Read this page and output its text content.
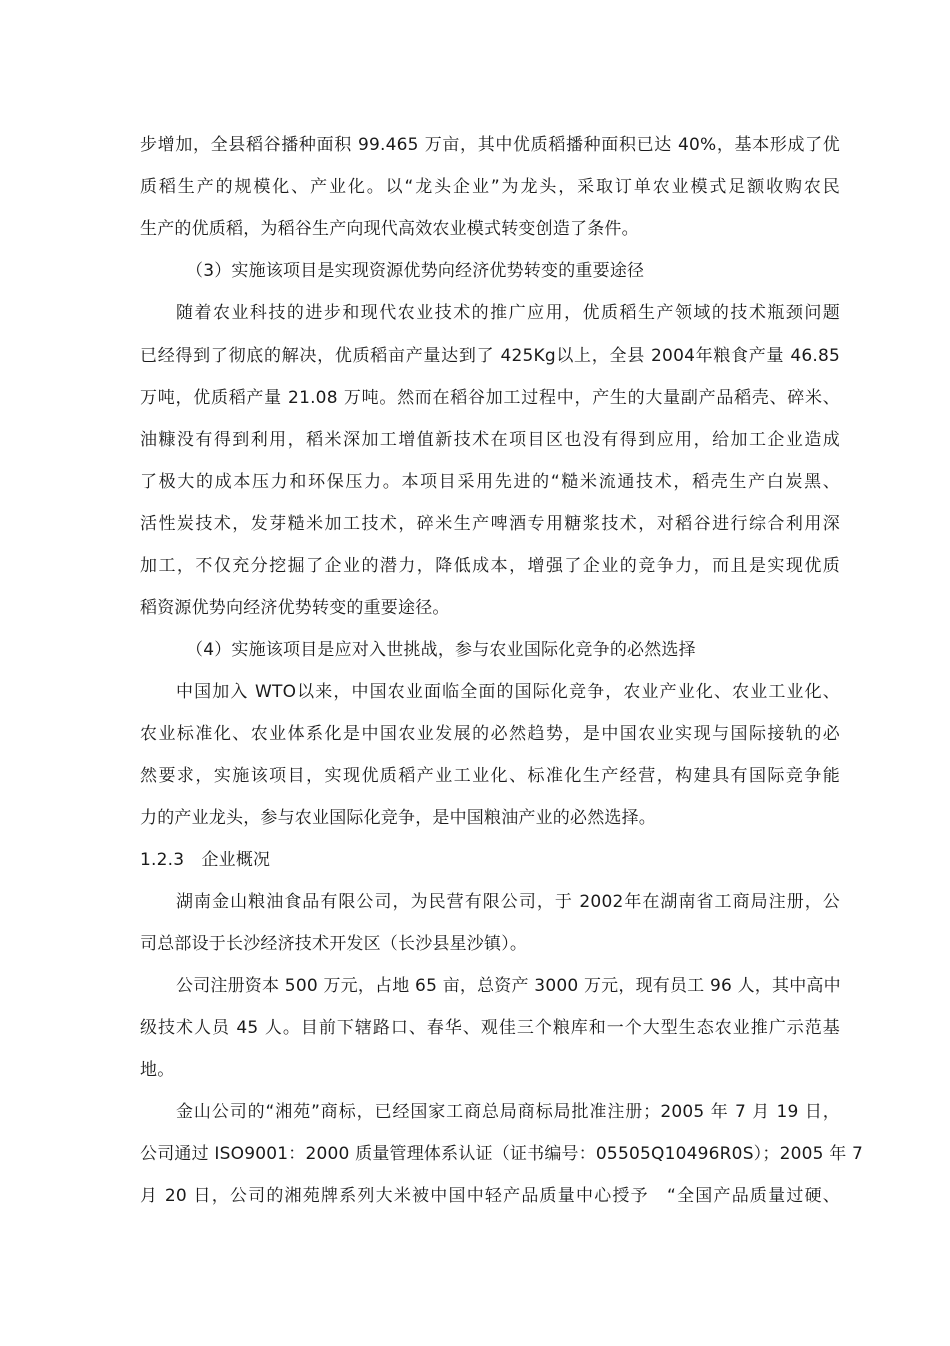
步增加，全县稻谷播种面积 99.465 万亩，其中优质稻播种面积已达 40%，基本形成了优
质稻生产的规模化、产业化。以“龙头企业”为龙头，采取订单农业模式足额收购农民
生产的优质稻，为稻谷生产向现代高效农业模式转变创造了条件。
（3）实施该项目是实现资源优势向经济优势转变的重要途径
随着农业科技的进步和现代农业技术的推广应用，优质稻生产领域的技术瓶颈问题
已经得到了彻底的解决，优质稻亩产量达到了 425Kg以上，全县 2004年粮食产量 46.85
万吨，优质稻产量 21.08 万吨。然而在稻谷加工过程中，产生的大量副产品稻壳、碎米、
油糠没有得到利用，稻米深加工增值新技术在项目区也没有得到应用，给加工企业造成
了极大的成本压力和环保压力。本项目采用先进的“糙米流通技术，稻壳生产白炭黑、
活性炭技术，发芽糙米加工技术，碎米生产啤酒专用糖浆技术，对稻谷进行综合利用深
加工，不仅充分挖掘了企业的潜力，降低成本，增强了企业的竞争力，而且是实现优质
稻资源优势向经济优势转变的重要途径。
（4）实施该项目是应对入世挑战，参与农业国际化竞争的必然选择
中国加入 WTO以来，中国农业面临全面的国际化竞争，农业产业化、农业工业化、
农业标准化、农业体系化是中国农业发展的必然趋势，是中国农业实现与国际接轨的必
然要求，实施该项目，实现优质稻产业工业化、标准化生产经营，构建具有国际竞争能
力的产业龙头，参与农业国际化竞争，是中国粮油产业的必然选择。
1.2.3　企业概况
湖南金山粮油食品有限公司，为民营有限公司，于 2002年在湖南省工商局注册，公
司总部设于长沙经济技术开发区（长沙县星沙镇）。
公司注册资本 500 万元，占地 65 亩，总资产 3000 万元，现有员工 96 人，其中高中
级技术人员 45 人。目前下辖路口、春华、观佳三个粮库和一个大型生态农业推广示范基
地。
金山公司的“湘苑”商标，已经国家工商总局商标局批准注册；2005 年 7 月 19 日，
公司通过 ISO9001：2000 质量管理体系认证（证书编号：05505Q10496R0S）；2005 年 7
月 20 日，公司的湘苑牌系列大米被中国中轻产品质量中心授予　“全国产品质量过硬、
